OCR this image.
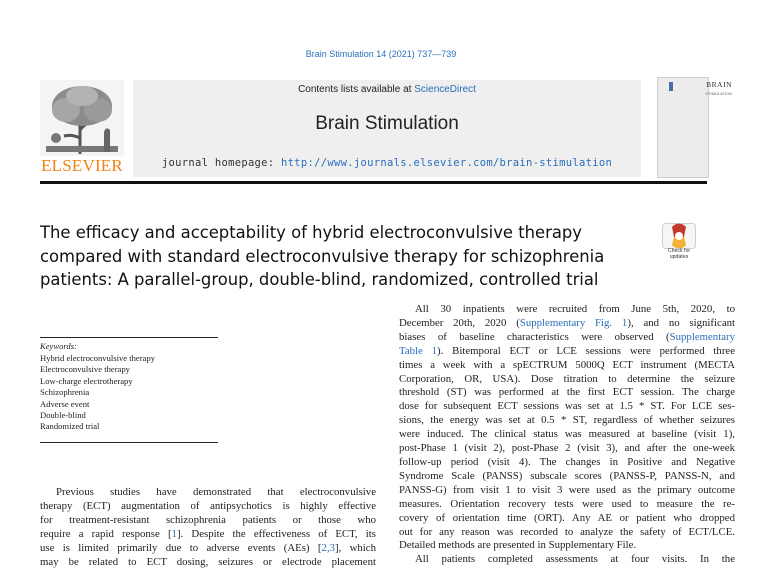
Brain Stimulation 14 (2021) 737—739
ELSEVIER
Contents lists available at ScienceDirect
Brain Stimulation
journal homepage: http://www.journals.elsevier.com/brain-stimulation
BRAIN
STIMULATION
The efficacy and acceptability of hybrid electroconvulsive therapy
compared with standard electroconvulsive therapy for schizophrenia
patients: A parallel-group, double-blind, randomized, controlled trial
Check for
updates
Keywords:
Hybrid electroconvulsive therapy
Electroconvulsive therapy
Low-charge electrotherapy
Schizophrenia
Adverse event
Double-blind
Randomized trial
Previous studies have demonstrated that electroconvulsive
therapy (ECT) augmentation of antipsychotics is highly effective
for treatment-resistant schizophrenia patients or those who
require a rapid response [1]. Despite the effectiveness of ECT, its
use is limited primarily due to adverse events (AEs) [2,3], which
may be related to ECT dosing, seizures or electrode placement
All 30 inpatients were recruited from June 5th, 2020, to
December 20th, 2020 (Supplementary Fig. 1), and no significant
biases of baseline characteristics were observed (Supplementary
Table 1). Bitemporal ECT or LCE sessions were performed three
times a week with a spECTRUM 5000Q ECT instrument (MECTA
Corporation, OR, USA). Dose titration to determine the seizure
threshold (ST) was performed at the first ECT session. The charge
dose for subsequent ECT sessions was set at 1.5 * ST. For LCE ses-
sions, the energy was set at 0.5 * ST, regardless of whether seizures
were induced. The clinical status was measured at baseline (visit 1),
post-Phase 1 (visit 2), post-Phase 2 (visit 3), and after the one-week
follow-up period (visit 4). The changes in Positive and Negative
Syndrome Scale (PANSS) subscale scores (PANSS-P, PANSS-N, and
PANSS-G) from visit 1 to visit 3 were used as the primary outcome
measures. Orientation recovery tests were used to measure the re-
covery of orientation time (ORT). Any AE or patient who dropped
out for any reason was recorded to analyze the safety of ECT/LCE.
Detailed methods are presented in Supplementary File.
All patients completed assessments at four visits. In the
